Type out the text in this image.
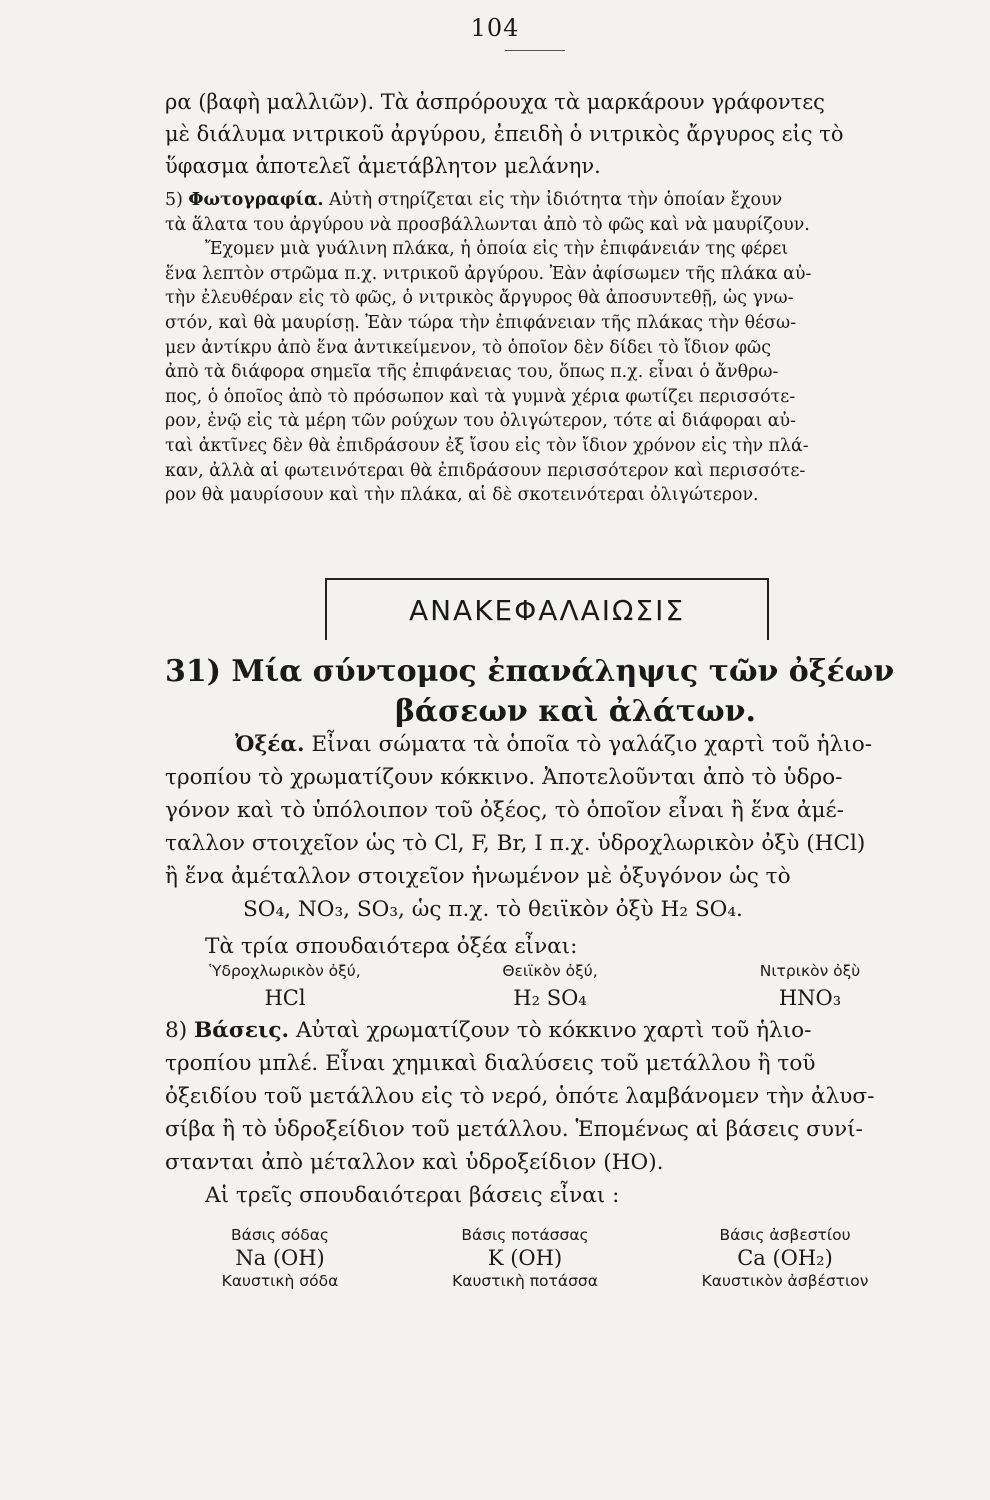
104
ρα (βαφὴ μαλλιῶν). Τὰ ἀσπρόρουχα τὰ μαρκάρουν γράφοντες
μὲ διάλυμα νιτρικοῦ ἀργύρου, ἐπειδὴ ὁ νιτρικὸς ἄργυρος εἰς τὸ
ὕφασμα ἀποτελεῖ ἀμετάβλητον μελάνην.

5) Φωτογραφία. Αὐτὴ στηρίζεται εἰς τὴν ἰδιότητα τὴν ὁποίαν ἔχουν

τὰ ἅλατα του ἀργύρου νὰ προσβάλλωνται ἀπὸ τὸ φῶς καὶ νὰ μαυρίζουν.

Ἔχομεν μιὰ γυάλινη πλάκα, ἡ ὁποία εἰς τὴν ἐπιφάνειάν της φέρει

ἕνα λεπτὸν στρῶμα π.χ. νιτρικοῦ ἀργύρου. Ἐὰν ἀφίσωμεν τῆς πλάκα αὐ-

τὴν ἐλευθέραν εἰς τὸ φῶς, ὁ νιτρικὸς ἄργυρος θὰ ἀποσυντεθῇ, ὡς γνω-

στόν, καὶ θὰ μαυρίσῃ. Ἐὰν τώρα τὴν ἐπιφάνειαν τῆς πλάκας τὴν θέσω-

μεν ἀντίκρυ ἀπὸ ἕνα ἀντικείμενον, τὸ ὁποῖον δὲν δίδει τὸ ἴδιον φῶς

ἀπὸ τὰ διάφορα σημεῖα τῆς ἐπιφάνειας του, ὅπως π.χ. εἶναι ὁ ἄνθρω-

πος, ὁ ὁποῖος ἀπὸ τὸ πρόσωπον καὶ τὰ γυμνὰ χέρια φωτίζει περισσότε-

ρον, ἐνῷ εἰς τὰ μέρη τῶν ρούχων του ὀλιγώτερον, τότε αἱ διάφοραι αὐ-

ταὶ ἀκτῖνες δὲν θὰ ἐπιδράσουν ἐξ ἴσου εἰς τὸν ἴδιον χρόνον εἰς τὴν πλά-

καν, ἀλλὰ αἱ φωτεινότεραι θὰ ἐπιδράσουν περισσότερον καὶ περισσότε-

ρον θὰ μαυρίσουν καὶ τὴν πλάκα, αἱ δὲ σκοτεινότεραι ὀλιγώτερον.

ΑΝΑΚΕΦΑΛΑΙΩΣΙΣ
31) Μία σύντομος ἐπανάληψις τῶν ὀξέων
βάσεων καὶ ἀλάτων.

Ὀξέα. Εἶναι σώματα τὰ ὁποῖα τὸ γαλάζιο χαρτὶ τοῦ ἡλιο-

τροπίου τὸ χρωματίζουν κόκκινο. Ἀποτελοῦνται ἀπὸ τὸ ὑδρο-

γόνον καὶ τὸ ὑπόλοιπον τοῦ ὀξέος, τὸ ὁποῖον εἶναι ἢ ἕνα ἀμέ-

ταλλον στοιχεῖον ὡς τὸ Cl, F, Br, I π.χ. ὑδροχλωρικὸν ὀξὺ (HCl)

ἢ ἕνα ἀμέταλλον στοιχεῖον ἡνωμένον μὲ ὀξυγόνον ὡς τὸ

SO₄, NO₃, SO₃, ὡς π.χ. τὸ θειϊκὸν ὀξὺ H₂ SO₄.

Τὰ τρία σπουδαιότερα ὀξέα εἶναι:

Ὑδροχλωρικὸν ὀξύ,
HCl
Θειϊκὸν ὀξύ,
H₂ SO₄
Νιτρικὸν ὀξὺ
HNO₃

8) Βάσεις. Αὐταὶ χρωματίζουν τὸ κόκκινο χαρτὶ τοῦ ἡλιο-

τροπίου μπλέ. Εἶναι χημικαὶ διαλύσεις τοῦ μετάλλου ἢ τοῦ

ὀξειδίου τοῦ μετάλλου εἰς τὸ νερό, ὁπότε λαμβάνομεν τὴν ἀλυσ-

σίβα ἢ τὸ ὑδροξείδιον τοῦ μετάλλου. Ἑπομένως αἱ βάσεις συνί-

στανται ἀπὸ μέταλλον καὶ ὑδροξείδιον (HO).

Αἱ τρεῖς σπουδαιότεραι βάσεις εἶναι :

Βάσις σόδας
Na (OH)
Καυστικὴ σόδα
Βάσις ποτάσσας
K (OH)
Καυστικὴ ποτάσσα
Βάσις ἀσβεστίου
Ca (OH₂)
Καυστικὸν ἀσβέστιον
